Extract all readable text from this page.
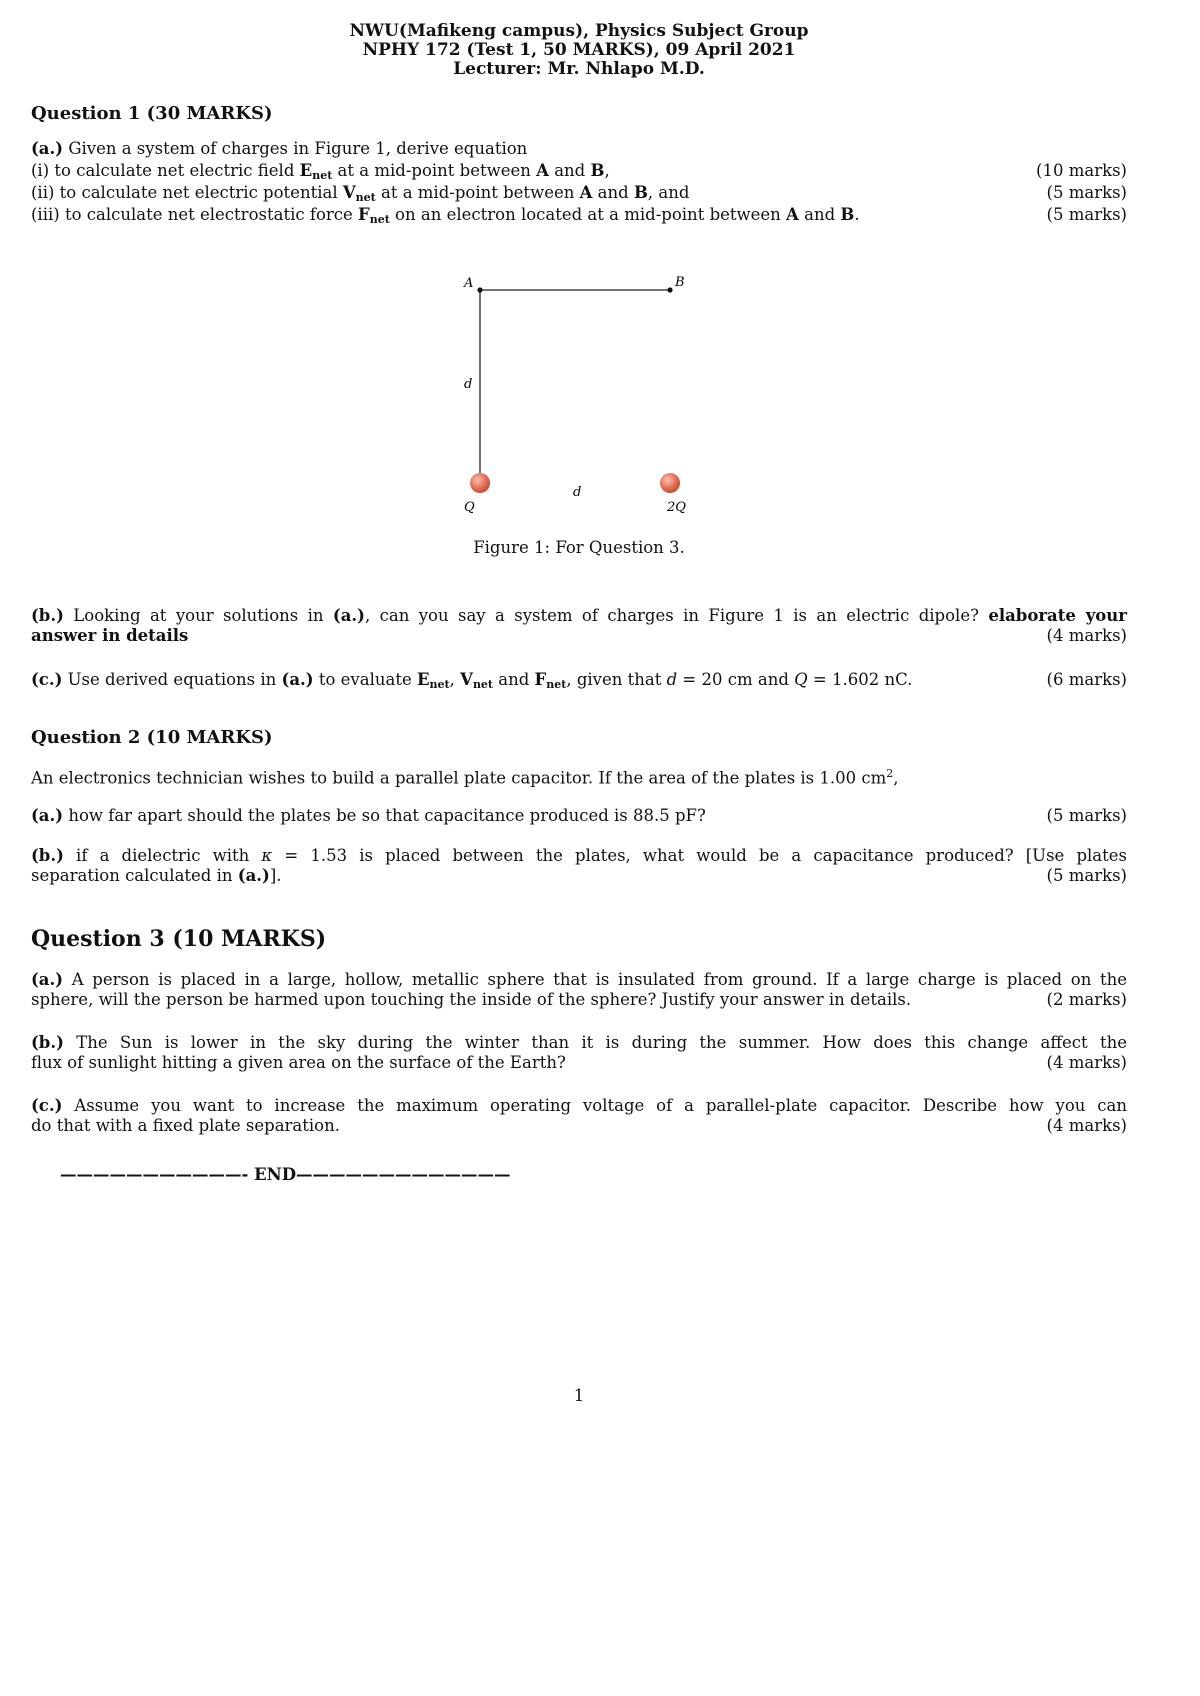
NWU(Mafikeng campus), Physics Subject Group
NPHY 172 (Test 1, 50 MARKS), 09 April 2021
Lecturer: Mr. Nhlapo M.D.
Question 1 (30 MARKS)
(a.) Given a system of charges in Figure 1, derive equation
(i) to calculate net electric field $E_{net}$ at a mid-point between A and B,	(10 marks)
(ii) to calculate net electric potential $V_{net}$ at a mid-point between A and B, and	(5 marks)
(iii) to calculate net electrostatic force $F_{net}$ on an electron located at a mid-point between A and B.	(5 marks)
A	B
d
d
Q	2Q
Figure 1: For Question 3.
(b.) Looking at your solutions in (a.), can you say a system of charges in Figure 1 is an electric dipole? elaborate your
answer in details	(4 marks)
(c.) Use derived equations in (a.) to evaluate $E_{net}$, $V_{net}$ and $F_{net}$, given that d = 20 cm and Q = 1.602 nC.	(6 marks)
Question 2 (10 MARKS)
An electronics technician wishes to build a parallel plate capacitor. If the area of the plates is 1.00 $cm^2$,
(a.) how far apart should the plates be so that capacitance produced is 88.5 pF?	(5 marks)
(b.) if a dielectric with κ = 1.53 is placed between the plates, what would be a capacitance produced? [Use plates
separation calculated in (a.)].	(5 marks)
Question 3 (10 MARKS)
(a.) A person is placed in a large, hollow, metallic sphere that is insulated from ground. If a large charge is placed on the
sphere, will the person be harmed upon touching the inside of the sphere? Justify your answer in details.	(2 marks)
(b.) The Sun is lower in the sky during the winter than it is during the summer. How does this change affect the
flux of sunlight hitting a given area on the surface of the Earth?	(4 marks)
(c.) Assume you want to increase the maximum operating voltage of a parallel-plate capacitor. Describe how you can
do that with a fixed plate separation.	(4 marks)
———————————- END—————————————
1
